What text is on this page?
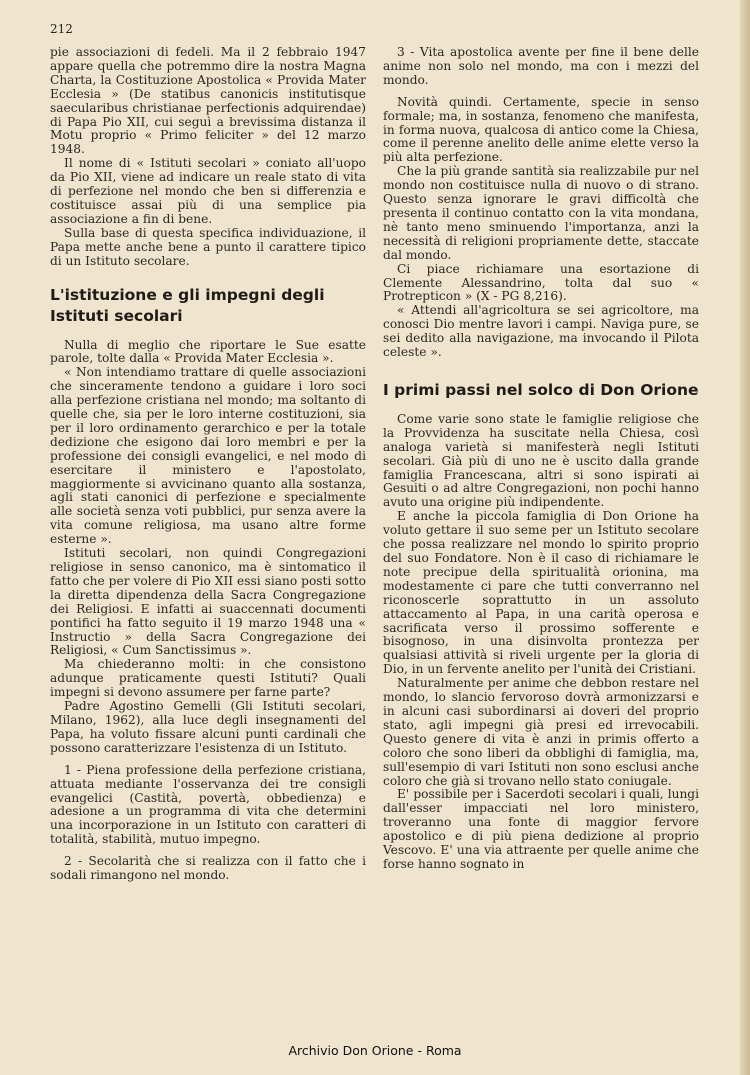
212

pie associazioni di fedeli. Ma il 2 febbraio 1947 appare quella che potremmo dire la nostra Magna Charta, la Costituzione Apostolica « Provida Mater Ecclesia » (De statibus canonicis institutisque saecularibus christianae perfectionis adquirendae) di Papa Pio XII, cui seguì a brevissima distanza il Motu proprio « Primo feliciter » del 12 marzo 1948.

Il nome di « Istituti secolari » coniato all'uopo da Pio XII, viene ad indicare un reale stato di vita di perfezione nel mondo che ben si differenzia e costituisce assai più di una semplice pia associazione a fin di bene.

Sulla base di questa specifica individuazione, il Papa mette anche bene a punto il carattere tipico di un Istituto secolare.

L'istituzione e gli impegni degli Istituti secolari

Nulla di meglio che riportare le Sue esatte parole, tolte dalla « Provida Mater Ecclesia ».

« Non intendiamo trattare di quelle associazioni che sinceramente tendono a guidare i loro soci alla perfezione cristiana nel mondo; ma soltanto di quelle che, sia per le loro interne costituzioni, sia per il loro ordinamento gerarchico e per la totale dedizione che esigono dai loro membri e per la professione dei consigli evangelici, e nel modo di esercitare il ministero e l'apostolato, maggiormente si avvicinano quanto alla sostanza, agli stati canonici di perfezione e specialmente alle società senza voti pubblici, pur senza avere la vita comune religiosa, ma usano altre forme esterne ».

Istituti secolari, non quindi Congregazioni religiose in senso canonico, ma è sintomatico il fatto che per volere di Pio XII essi siano posti sotto la diretta dipendenza della Sacra Congregazione dei Religiosi. E infatti ai suaccennati documenti pontifici ha fatto seguito il 19 marzo 1948 una « Instructio » della Sacra Congregazione dei Religiosi, « Cum Sanctissimus ».

Ma chiederanno molti: in che consistono adunque praticamente questi Istituti? Quali impegni si devono assumere per farne parte?

Padre Agostino Gemelli (Gli Istituti secolari, Milano, 1962), alla luce degli insegnamenti del Papa, ha voluto fissare alcuni punti cardinali che possono caratterizzare l'esistenza di un Istituto.

1 - Piena professione della perfezione cristiana, attuata mediante l'osservanza dei tre consigli evangelici (Castità, povertà, obbedienza) e adesione a un programma di vita che determini una incorporazione in un Istituto con caratteri di totalità, stabilità, mutuo impegno.

2 - Secolarità che si realizza con il fatto che i sodali rimangono nel mondo.

3 - Vita apostolica avente per fine il bene delle anime non solo nel mondo, ma con i mezzi del mondo.

Novità quindi. Certamente, specie in senso formale; ma, in sostanza, fenomeno che manifesta, in forma nuova, qualcosa di antico come la Chiesa, come il perenne anelito delle anime elette verso la più alta perfezione.

Che la più grande santità sia realizzabile pur nel mondo non costituisce nulla di nuovo o di strano. Questo senza ignorare le gravi difficoltà che presenta il continuo contatto con la vita mondana, nè tanto meno sminuendo l'importanza, anzi la necessità di religioni propriamente dette, staccate dal mondo.

Ci piace richiamare una esortazione di Clemente Alessandrino, tolta dal suo « Protrepticon » (X - PG 8,216).

« Attendi all'agricoltura se sei agricoltore, ma conosci Dio mentre lavori i campi. Naviga pure, se sei dedito alla navigazione, ma invocando il Pilota celeste ».

I primi passi nel solco di Don Orione

Come varie sono state le famiglie religiose che la Provvidenza ha suscitate nella Chiesa, così analoga varietà si manifesterà negli Istituti secolari. Già più di uno ne è uscito dalla grande famiglia Francescana, altri si sono ispirati ai Gesuiti o ad altre Congregazioni, non pochi hanno avuto una origine più indipendente.

E anche la piccola famiglia di Don Orione ha voluto gettare il suo seme per un Istituto secolare che possa realizzare nel mondo lo spirito proprio del suo Fondatore. Non è il caso di richiamare le note precipue della spiritualità orionina, ma modestamente ci pare che tutti converranno nel riconoscerle soprattutto in un assoluto attaccamento al Papa, in una carità operosa e sacrificata verso il prossimo sofferente e bisognoso, in una disinvolta prontezza per qualsiasi attività si riveli urgente per la gloria di Dio, in un fervente anelito per l'unità dei Cristiani.

Naturalmente per anime che debbon restare nel mondo, lo slancio fervoroso dovrà armonizzarsi e in alcuni casi subordinarsi ai doveri del proprio stato, agli impegni già presi ed irrevocabili. Questo genere di vita è anzi in primis offerto a coloro che sono liberi da obblighi di famiglia, ma, sull'esempio di vari Istituti non sono esclusi anche coloro che già si trovano nello stato coniugale.

E' possibile per i Sacerdoti secolari i quali, lungi dall'esser impacciati nel loro ministero, troveranno una fonte di maggior fervore apostolico e di più piena dedizione al proprio Vescovo. E' una via attraente per quelle anime che forse hanno sognato in

Archivio Don Orione - Roma
